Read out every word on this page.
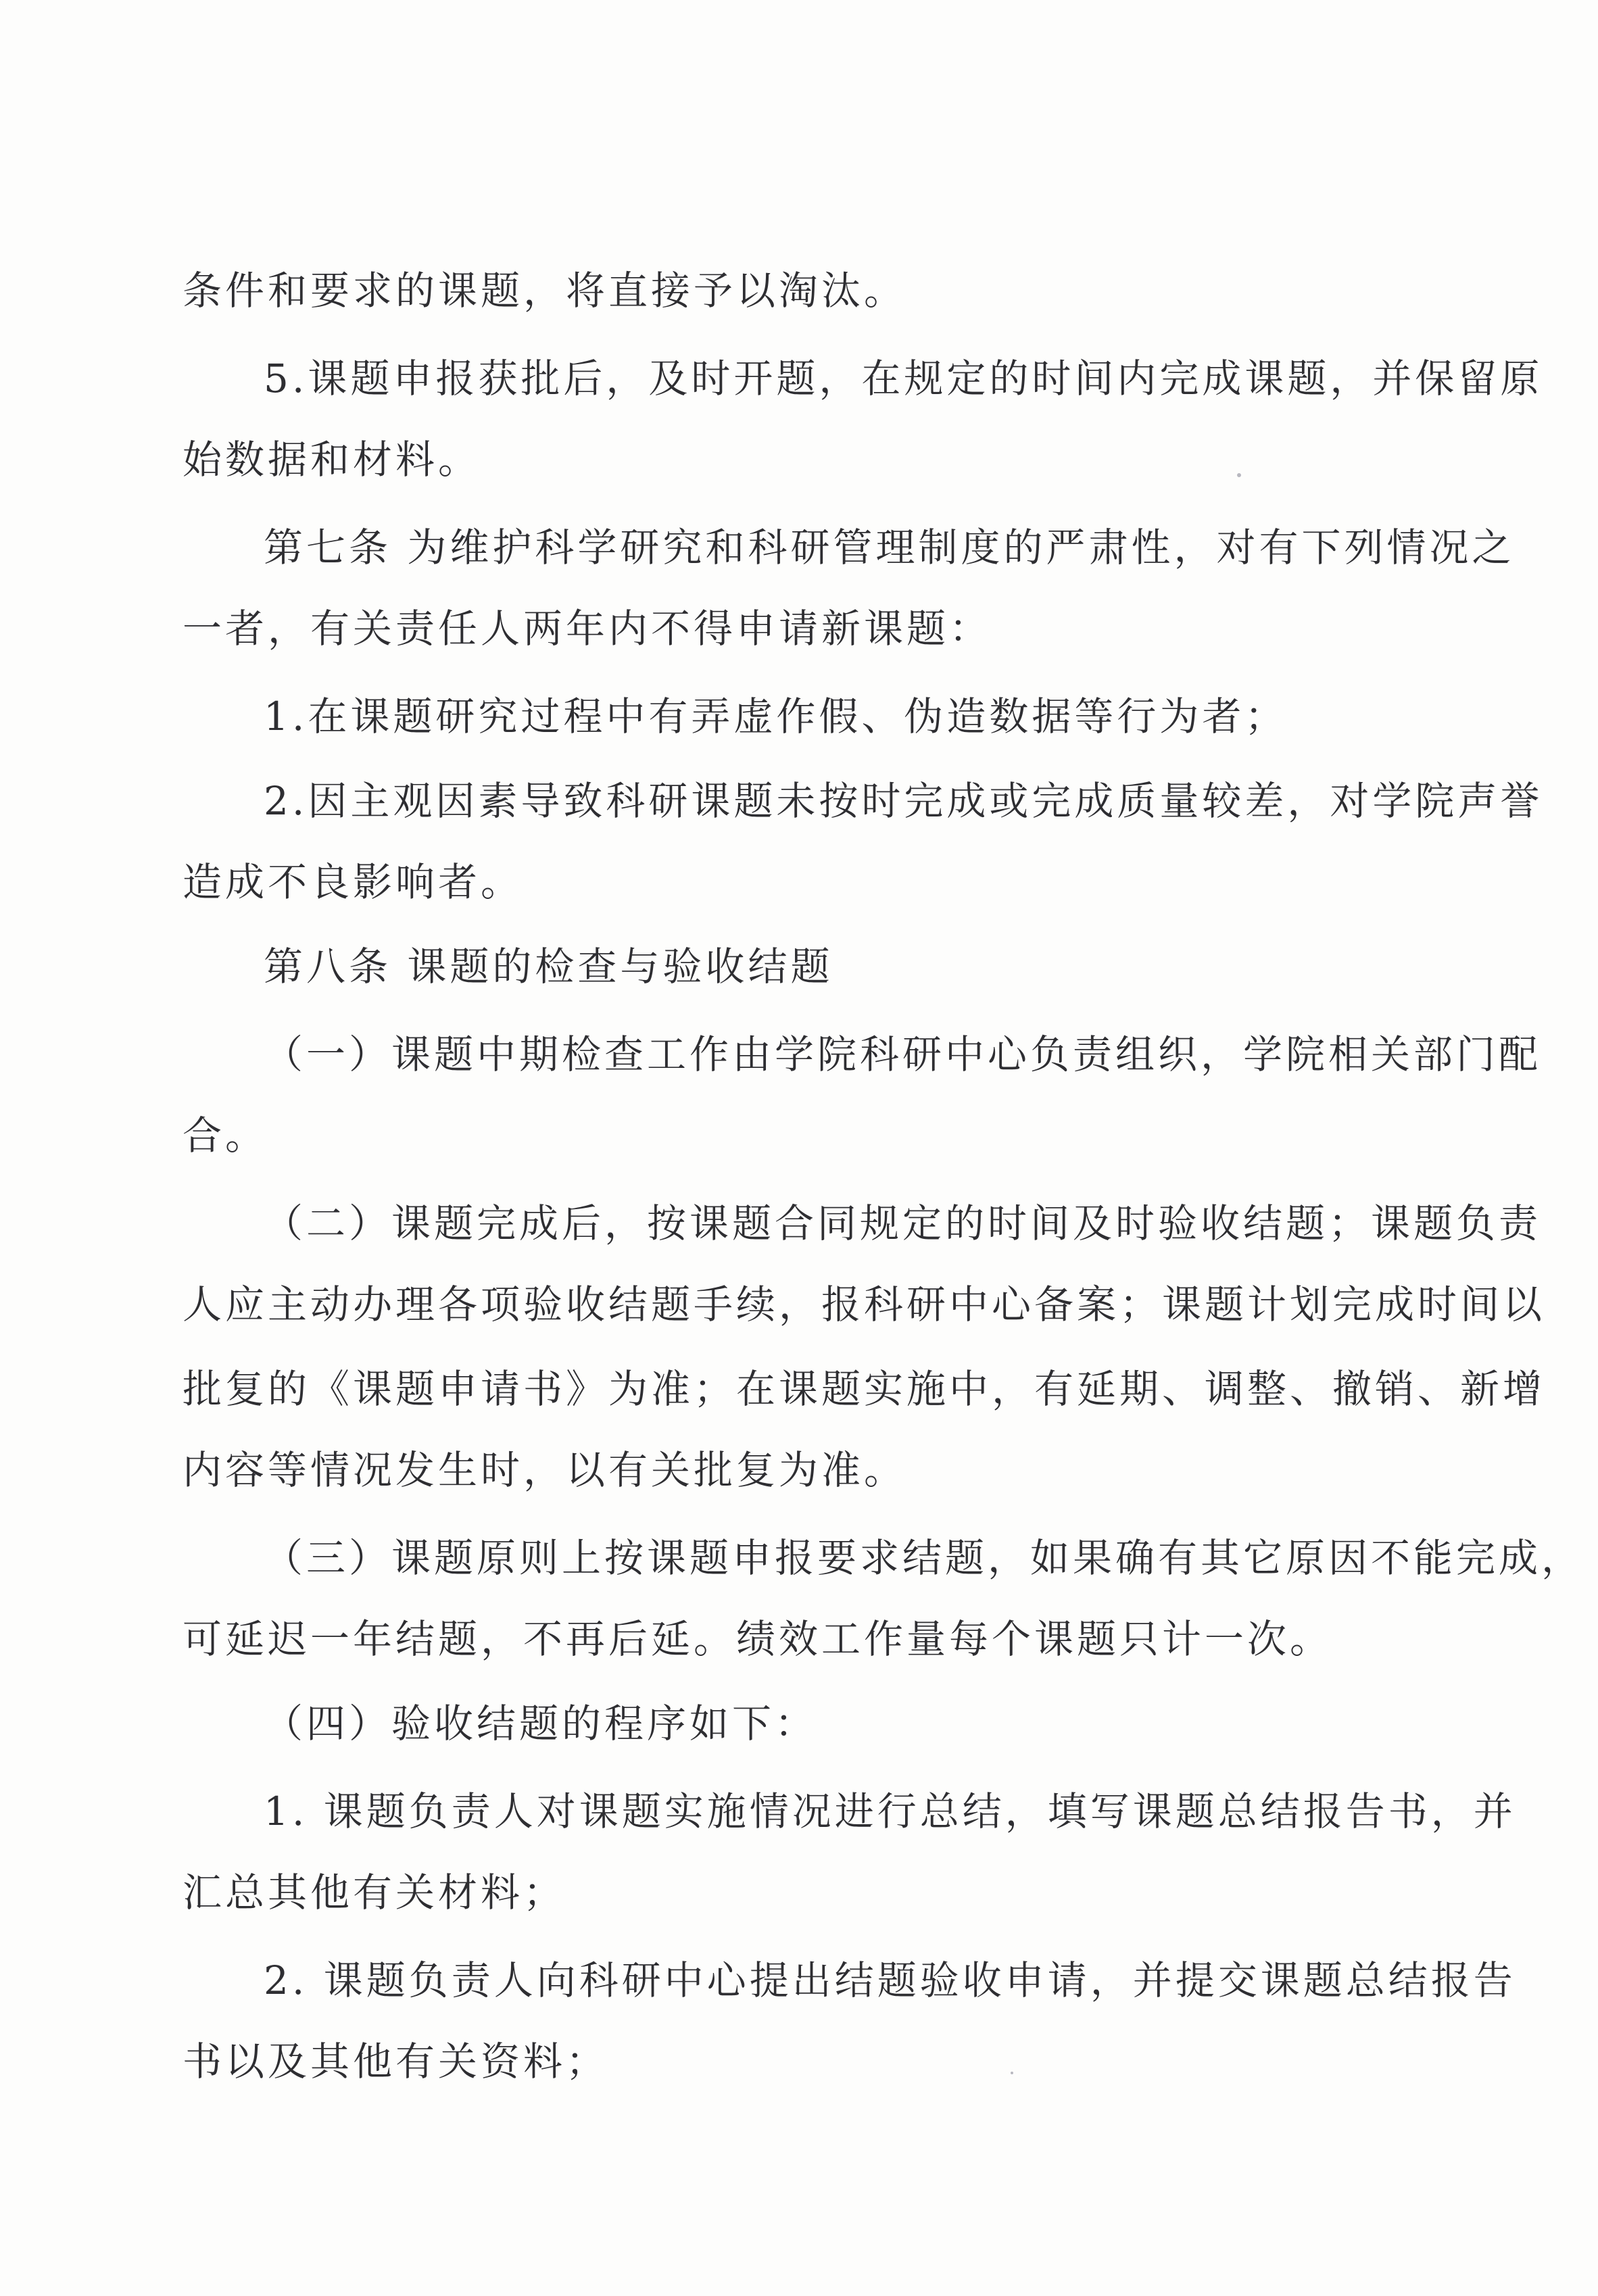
条件和要求的课题，将直接予以淘汰。
5.课题申报获批后，及时开题，在规定的时间内完成课题，并保留原
始数据和材料。
第七条 为维护科学研究和科研管理制度的严肃性，对有下列情况之
一者，有关责任人两年内不得申请新课题：
1.在课题研究过程中有弄虚作假、伪造数据等行为者；
2.因主观因素导致科研课题未按时完成或完成质量较差，对学院声誉
造成不良影响者。
第八条 课题的检查与验收结题
（一）课题中期检查工作由学院科研中心负责组织，学院相关部门配
合。
（二）课题完成后，按课题合同规定的时间及时验收结题；课题负责
人应主动办理各项验收结题手续，报科研中心备案；课题计划完成时间以
批复的《课题申请书》为准；在课题实施中，有延期、调整、撤销、新增
内容等情况发生时，以有关批复为准。
（三）课题原则上按课题申报要求结题，如果确有其它原因不能完成，
可延迟一年结题，不再后延。绩效工作量每个课题只计一次。
（四）验收结题的程序如下：
1. 课题负责人对课题实施情况进行总结，填写课题总结报告书，并
汇总其他有关材料；
2. 课题负责人向科研中心提出结题验收申请，并提交课题总结报告
书以及其他有关资料；
